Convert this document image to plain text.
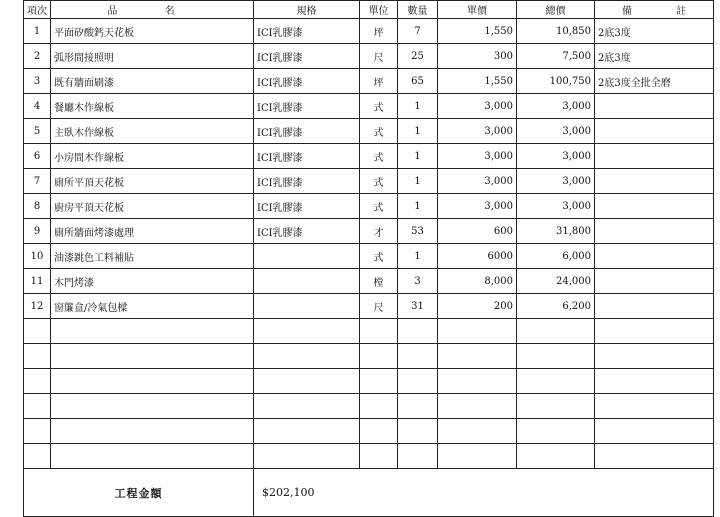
項次	品 名	規格	單位	數量	單價	總價	備 註
1	平面矽酸鈣天花板	ICI乳膠漆	坪	7	1,550	10,850	2底3度
2	弧形間接照明	ICI乳膠漆	尺	25	300	7,500	2底3度
3	既有牆面刷漆	ICI乳膠漆	坪	65	1,550	100,750	2底3度全批全磨
4	餐廳木作線板	ICI乳膠漆	式	1	3,000	3,000	
5	主臥木作線板	ICI乳膠漆	式	1	3,000	3,000	
6	小房間木作線板	ICI乳膠漆	式	1	3,000	3,000	
7	廁所平頂天花板	ICI乳膠漆	式	1	3,000	3,000	
8	廚房平頂天花板	ICI乳膠漆	式	1	3,000	3,000	
9	廁所牆面烤漆處理	ICI乳膠漆	才	53	600	31,800	
10	油漆跳色工料補貼		式	1	6000	6,000	
11	木門烤漆		樘	3	8,000	24,000	
12	窗簾盒/冷氣包樑		尺	31	200	6,200	

工程金額		$202,100					
